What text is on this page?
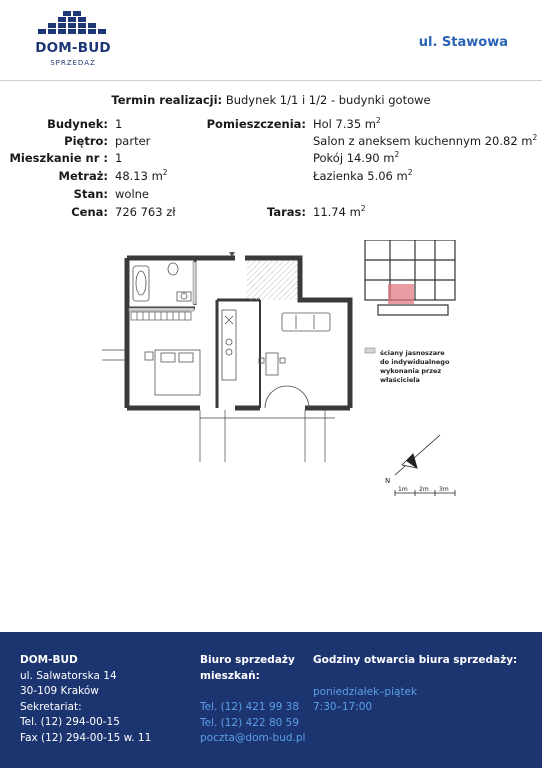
DOM-BUD
SPRZEDAŻ
ul. Stawowa
Termin realizacji: Budynek 1/1 i 1/2 - budynki gotowe
Budynek: 1
Piętro: parter
Mieszkanie nr : 1
Metraż: 48.13 $m^2$
Stan: wolne
Cena: 726 763 zł
Pomieszczenia: Hol 7.35 $m^2$
Salon z aneksem kuchennym 20.82 $m^2$
Pokój 14.90 $m^2$
Łazienka 5.06 $m^2$
Taras: 11.74 $m^2$
ściany jasnoszare
do indywidualnego
wykonania przez
właściciela
N
1m 2m 3m
DOM-BUD
ul. Salwatorska 14
30-109 Kraków
Sekretariat:
Tel. (12) 294-00-15
Fax (12) 294-00-15 w. 11
Biuro sprzedaży
mieszkań:
Tel. (12) 421 99 38
Tel. (12) 422 80 59
poczta@dom-bud.pl
Godziny otwarcia biura sprzedaży:
poniedziałek–piątek
7:30–17:00
